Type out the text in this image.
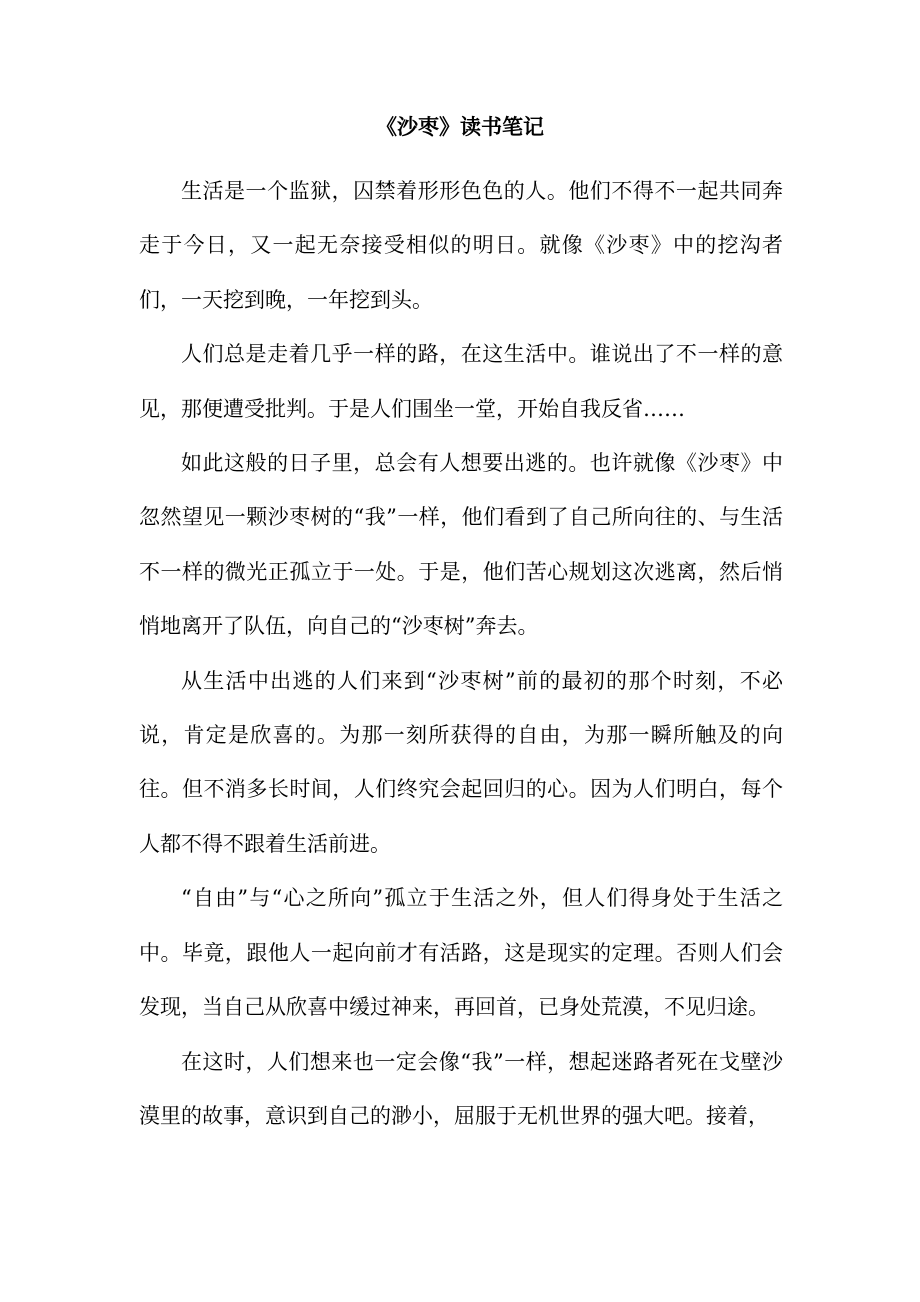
《沙枣》读书笔记

生活是一个监狱，囚禁着形形色色的人。他们不得不一起共同奔走于今日，又一起无奈接受相似的明日。就像《沙枣》中的挖沟者们，一天挖到晚，一年挖到头。

人们总是走着几乎一样的路，在这生活中。谁说出了不一样的意见，那便遭受批判。于是人们围坐一堂，开始自我反省……

如此这般的日子里，总会有人想要出逃的。也许就像《沙枣》中忽然望见一颗沙枣树的“我”一样，他们看到了自己所向往的、与生活不一样的微光正孤立于一处。于是，他们苦心规划这次逃离，然后悄悄地离开了队伍，向自己的“沙枣树”奔去。

从生活中出逃的人们来到“沙枣树”前的最初的那个时刻，不必说，肯定是欣喜的。为那一刻所获得的自由，为那一瞬所触及的向往。但不消多长时间，人们终究会起回归的心。因为人们明白，每个人都不得不跟着生活前进。

“自由”与“心之所向”孤立于生活之外，但人们得身处于生活之中。毕竟，跟他人一起向前才有活路，这是现实的定理。否则人们会发现，当自己从欣喜中缓过神来，再回首，已身处荒漠，不见归途。

在这时，人们想来也一定会像“我”一样，想起迷路者死在戈壁沙漠里的故事，意识到自己的渺小，屈服于无机世界的强大吧。接着，
